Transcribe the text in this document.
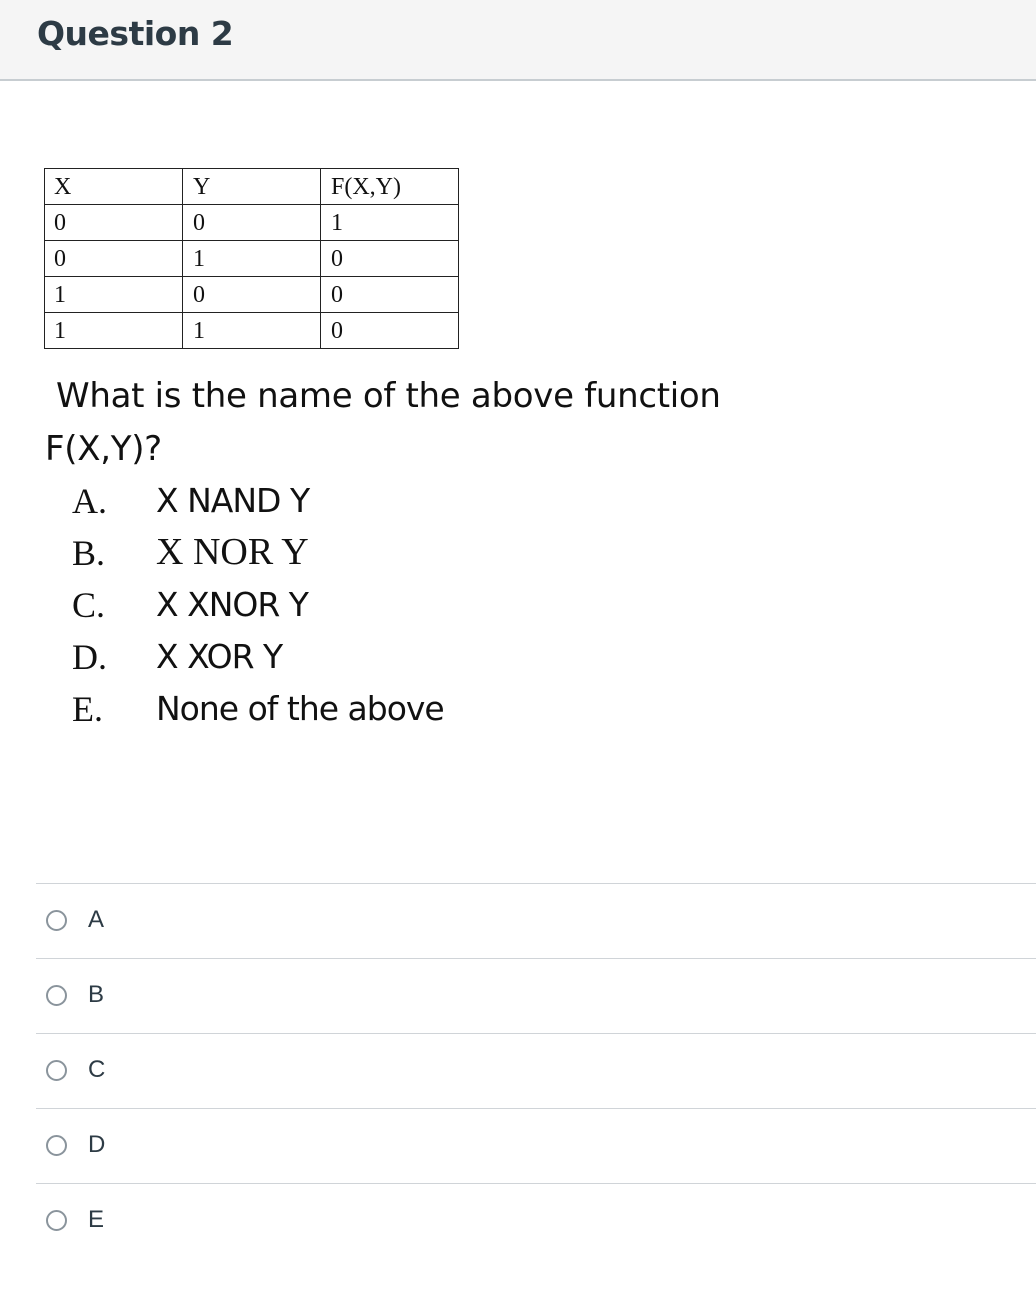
Question 2
X	Y	F(X,Y)
0	0	1
0	1	0
1	0	0
1	1	0
What is the name of the above function
F(X,Y)?
A. X NAND Y
B. X NOR Y
C. X XNOR Y
D. X XOR Y
E. None of the above
A
B
C
D
E
